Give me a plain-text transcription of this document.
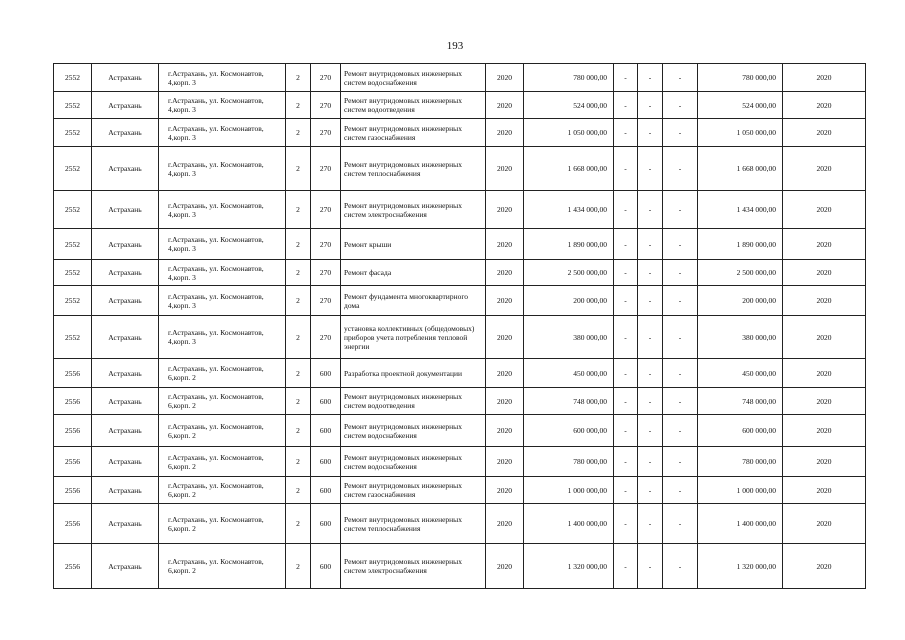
193
2552	Астрахань	г.Астрахань, ул. Космонавтов, 4,корп. 3	2	270	Ремонт внутридомовых инженерных систем водоснабжения	2020	780 000,00	-	-	-	780 000,00	2020
2552	Астрахань	г.Астрахань, ул. Космонавтов, 4,корп. 3	2	270	Ремонт внутридомовых инженерных систем водоотведения	2020	524 000,00	-	-	-	524 000,00	2020
2552	Астрахань	г.Астрахань, ул. Космонавтов, 4,корп. 3	2	270	Ремонт внутридомовых инженерных систем газоснабжения	2020	1 050 000,00	-	-	-	1 050 000,00	2020
2552	Астрахань	г.Астрахань, ул. Космонавтов, 4,корп. 3	2	270	Ремонт внутридомовых инженерных систем теплоснабжения	2020	1 668 000,00	-	-	-	1 668 000,00	2020
2552	Астрахань	г.Астрахань, ул. Космонавтов, 4,корп. 3	2	270	Ремонт внутридомовых инженерных систем электроснабжения	2020	1 434 000,00	-	-	-	1 434 000,00	2020
2552	Астрахань	г.Астрахань, ул. Космонавтов, 4,корп. 3	2	270	Ремонт крыши	2020	1 890 000,00	-	-	-	1 890 000,00	2020
2552	Астрахань	г.Астрахань, ул. Космонавтов, 4,корп. 3	2	270	Ремонт фасада	2020	2 500 000,00	-	-	-	2 500 000,00	2020
2552	Астрахань	г.Астрахань, ул. Космонавтов, 4,корп. 3	2	270	Ремонт фундамента многоквартирного дома	2020	200 000,00	-	-	-	200 000,00	2020
2552	Астрахань	г.Астрахань, ул. Космонавтов, 4,корп. 3	2	270	установка коллективных (общедомовых) приборов учета потребления тепловой энергии	2020	380 000,00	-	-	-	380 000,00	2020
2556	Астрахань	г.Астрахань, ул. Космонавтов, 6,корп. 2	2	600	Разработка проектной документации	2020	450 000,00	-	-	-	450 000,00	2020
2556	Астрахань	г.Астрахань, ул. Космонавтов, 6,корп. 2	2	600	Ремонт внутридомовых инженерных систем водоотведения	2020	748 000,00	-	-	-	748 000,00	2020
2556	Астрахань	г.Астрахань, ул. Космонавтов, 6,корп. 2	2	600	Ремонт внутридомовых инженерных систем водоснабжения	2020	600 000,00	-	-	-	600 000,00	2020
2556	Астрахань	г.Астрахань, ул. Космонавтов, 6,корп. 2	2	600	Ремонт внутридомовых инженерных систем водоснабжения	2020	780 000,00	-	-	-	780 000,00	2020
2556	Астрахань	г.Астрахань, ул. Космонавтов, 6,корп. 2	2	600	Ремонт внутридомовых инженерных систем газоснабжения	2020	1 000 000,00	-	-	-	1 000 000,00	2020
2556	Астрахань	г.Астрахань, ул. Космонавтов, 6,корп. 2	2	600	Ремонт внутридомовых инженерных систем теплоснабжения	2020	1 400 000,00	-	-	-	1 400 000,00	2020
2556	Астрахань	г.Астрахань, ул. Космонавтов, 6,корп. 2	2	600	Ремонт внутридомовых инженерных систем электроснабжения	2020	1 320 000,00	-	-	-	1 320 000,00	2020
